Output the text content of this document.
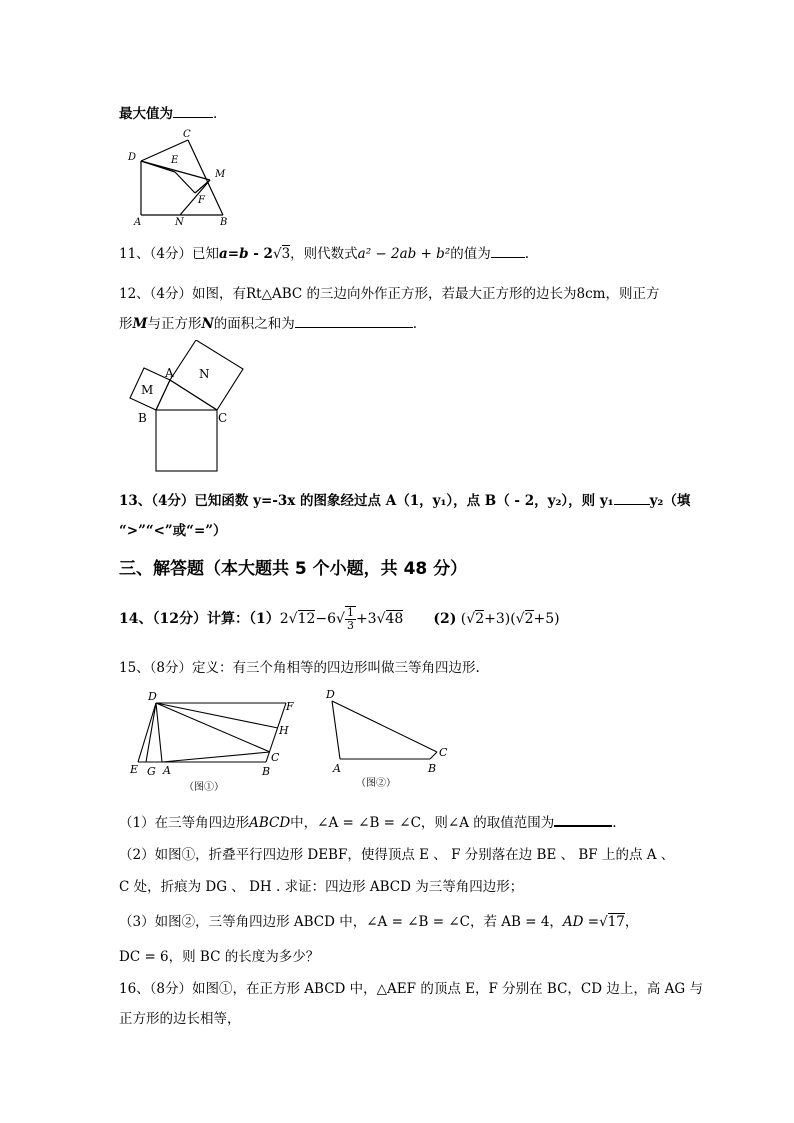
最大值为	.
C
D	E
M
F
A	N	B
11、（4分）已知a=b - 2√3，则代数式a² − 2ab + b²的值为	.
12、（4分）如图，有Rt△ABC 的三边向外作正方形，若最大正方形的边长为8cm，则正方
形M与正方形N的面积之和为	.
M
N
A
B	C
13、（4分）已知函数 y=-3x 的图象经过点 A（1，y₁），点 B（ - 2，y₂），则 y₁	y₂（填
“>”“<”或“=”）
三、解答题（本大题共 5 个小题，共 48 分）
14、（12分）计算：$(1)2√12-6√ \frac{1}{3} +3√48$ (2) (√2+3)(√2+5)
15、（8分）定义：有三个角相等的四边形叫做三等角四边形.
D
F
H
C
E G A	B
（图①）
D
C
A	B
（图②）
（1）在三等角四边形ABCD中，∠A = ∠B = ∠C，则∠A 的取值范围为	.
（2）如图①，折叠平行四边形 DEBF，使得顶点 E 、 F 分别落在边 BE 、 BF 上的点 A 、
C 处，折痕为 DG 、 DH . 求证：四边形 ABCD 为三等角四边形；
（3）如图②，三等角四边形 ABCD 中，∠A = ∠B = ∠C，若 AB = 4，AD =√17，
DC = 6，则 BC 的长度为多少？
16、（8分）如图①，在正方形 ABCD 中，△AEF 的顶点 E，F 分别在 BC，CD 边上，高 AG 与
正方形的边长相等，
